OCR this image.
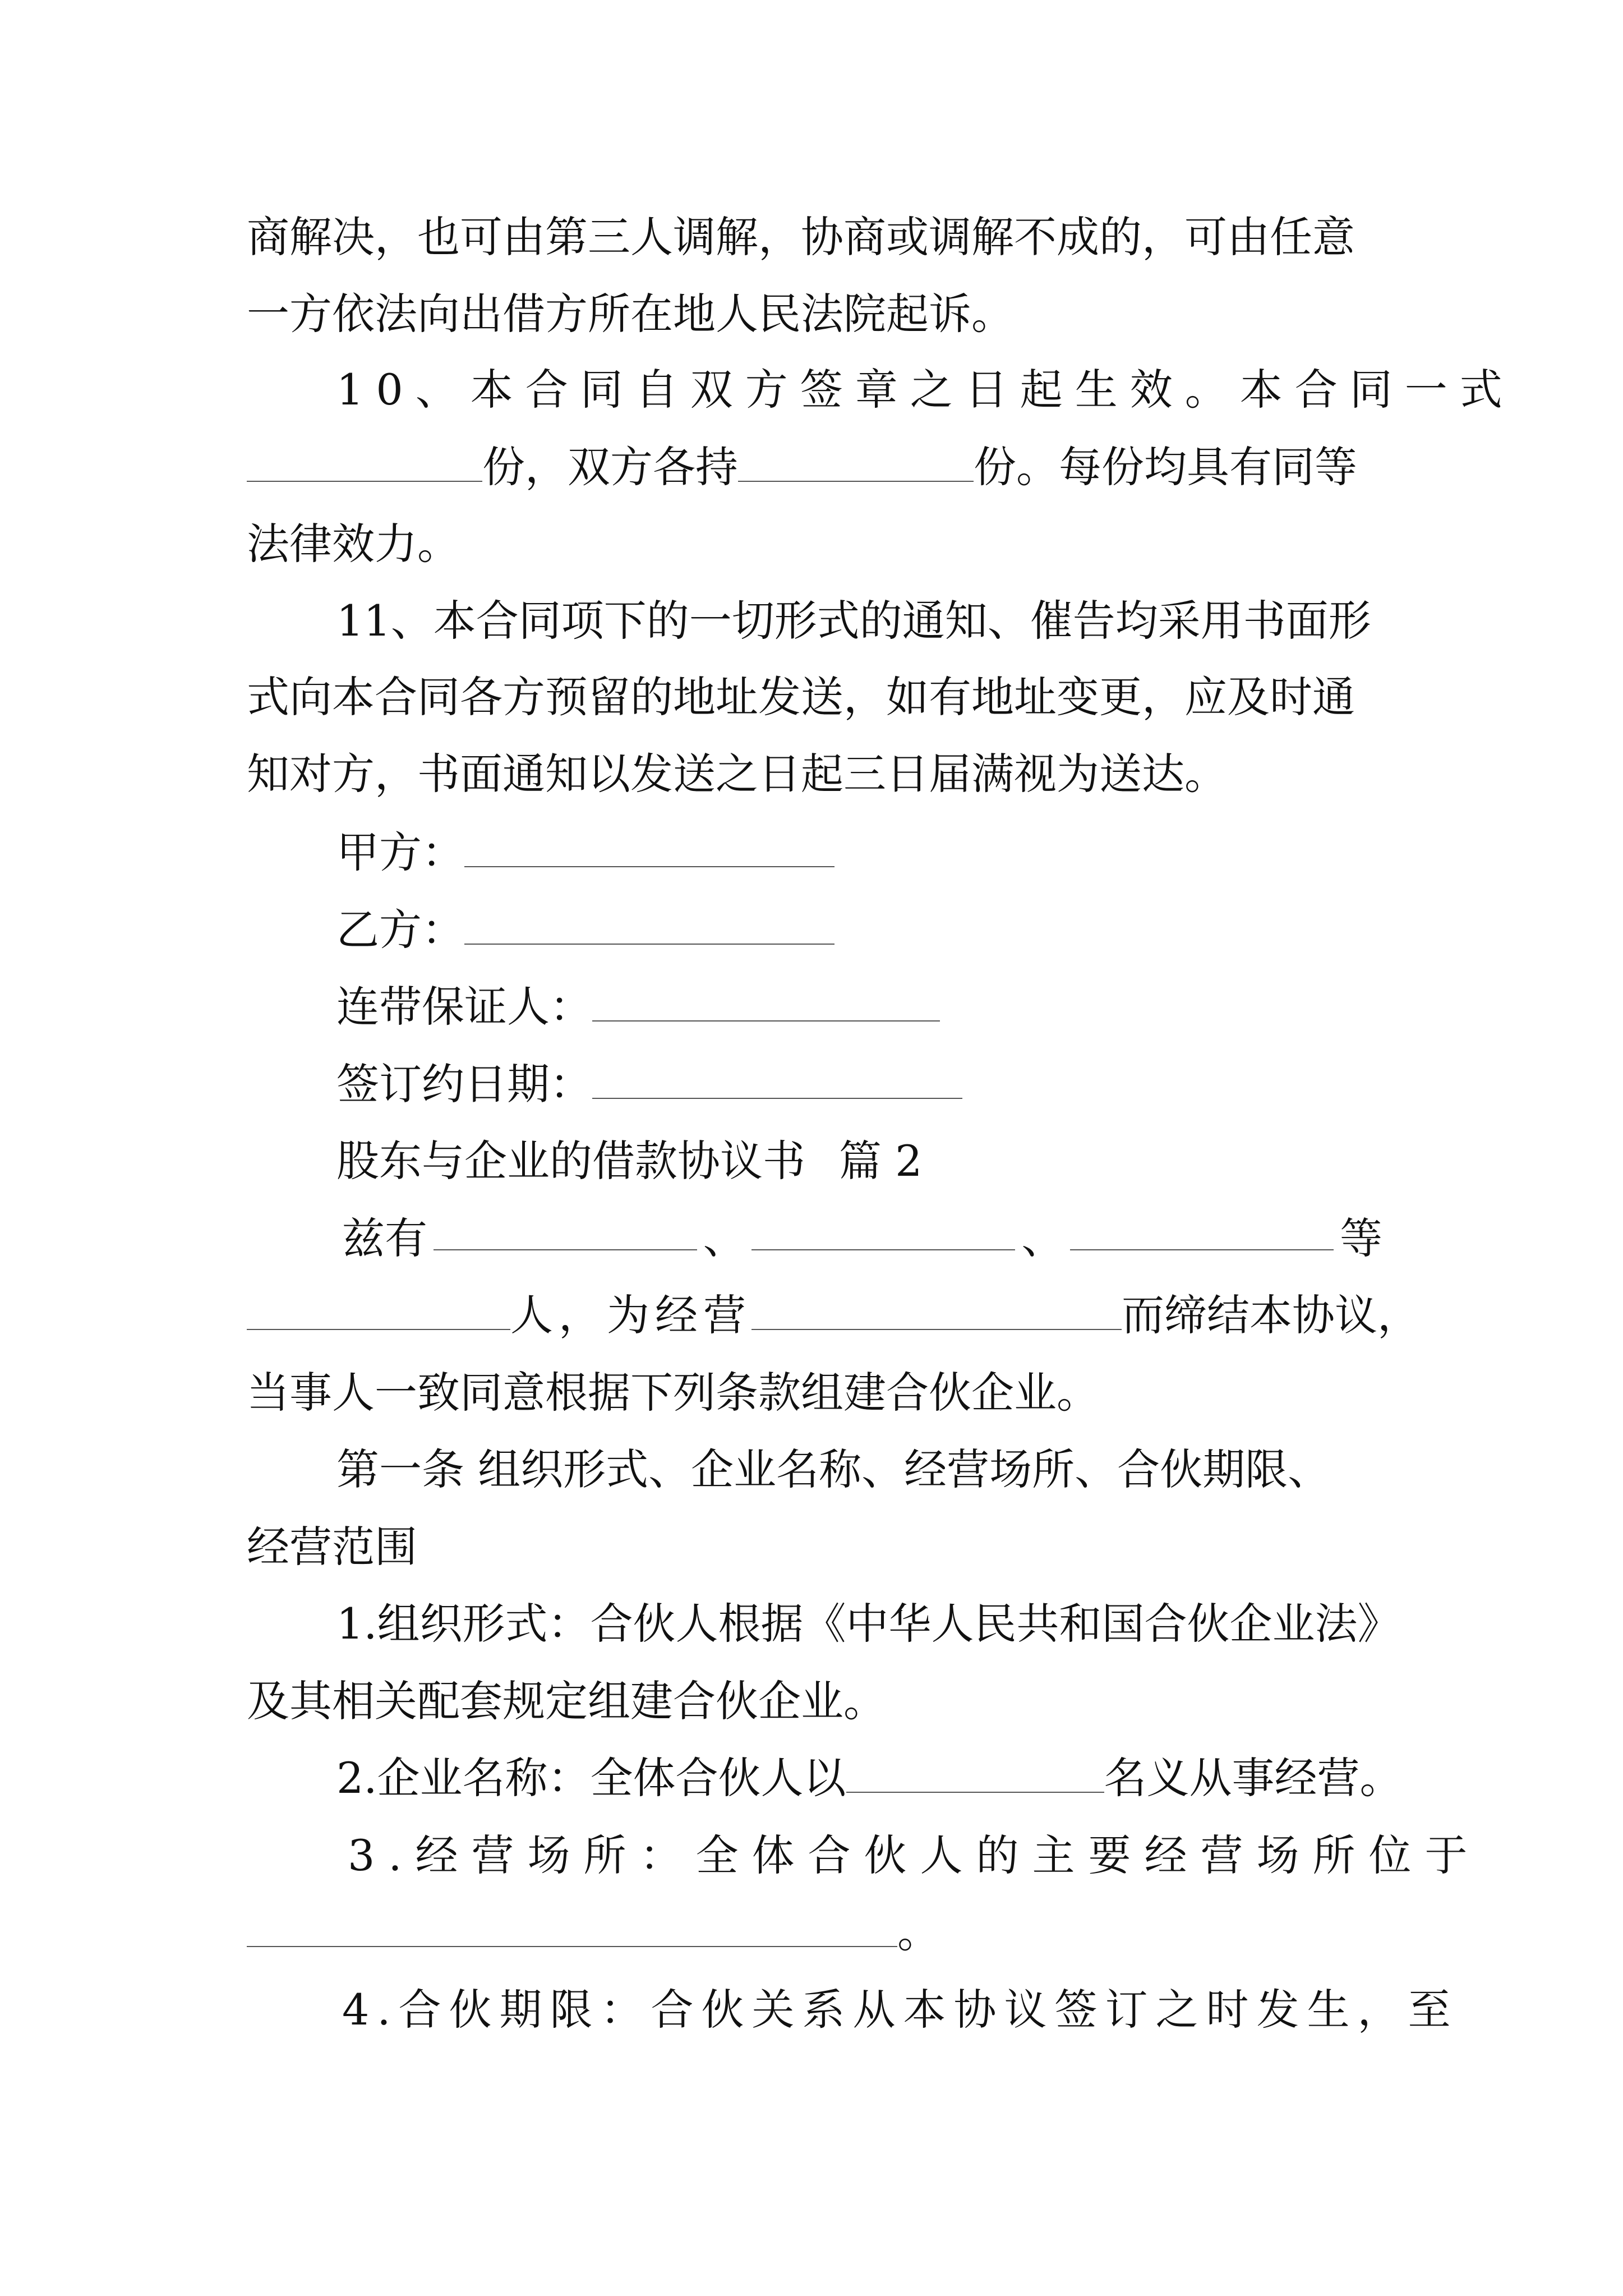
商解决，也可由第三人调解，协商或调解不成的，可由任意

一方依法向出借方所在地人民法院起诉。

10、本合同自双方签章之日起生效。本合同一式

份，双方各持	份。每份均具有同等

法律效力。

11、本合同项下的一切形式的通知、催告均采用书面形

式向本合同各方预留的地址发送，如有地址变更，应及时通

知对方，书面通知以发送之日起三日届满视为送达。

甲方：
乙方：
连带保证人：
签订约日期：
股东与企业的借款协议书 篇 2
兹有	、	、	等
人，为经营	而缔结本协议，

当事人一致同意根据下列条款组建合伙企业。

第一条 组织形式、企业名称、经营场所、合伙期限、

经营范围

1.组织形式：合伙人根据《中华人民共和国合伙企业法》

及其相关配套规定组建合伙企业。

2.企业名称：全体合伙人以	名义从事经营。

3.经营场所：全体合伙人的主要经营场所位于

。

4.合伙期限：合伙关系从本协议签订之时发生，至
